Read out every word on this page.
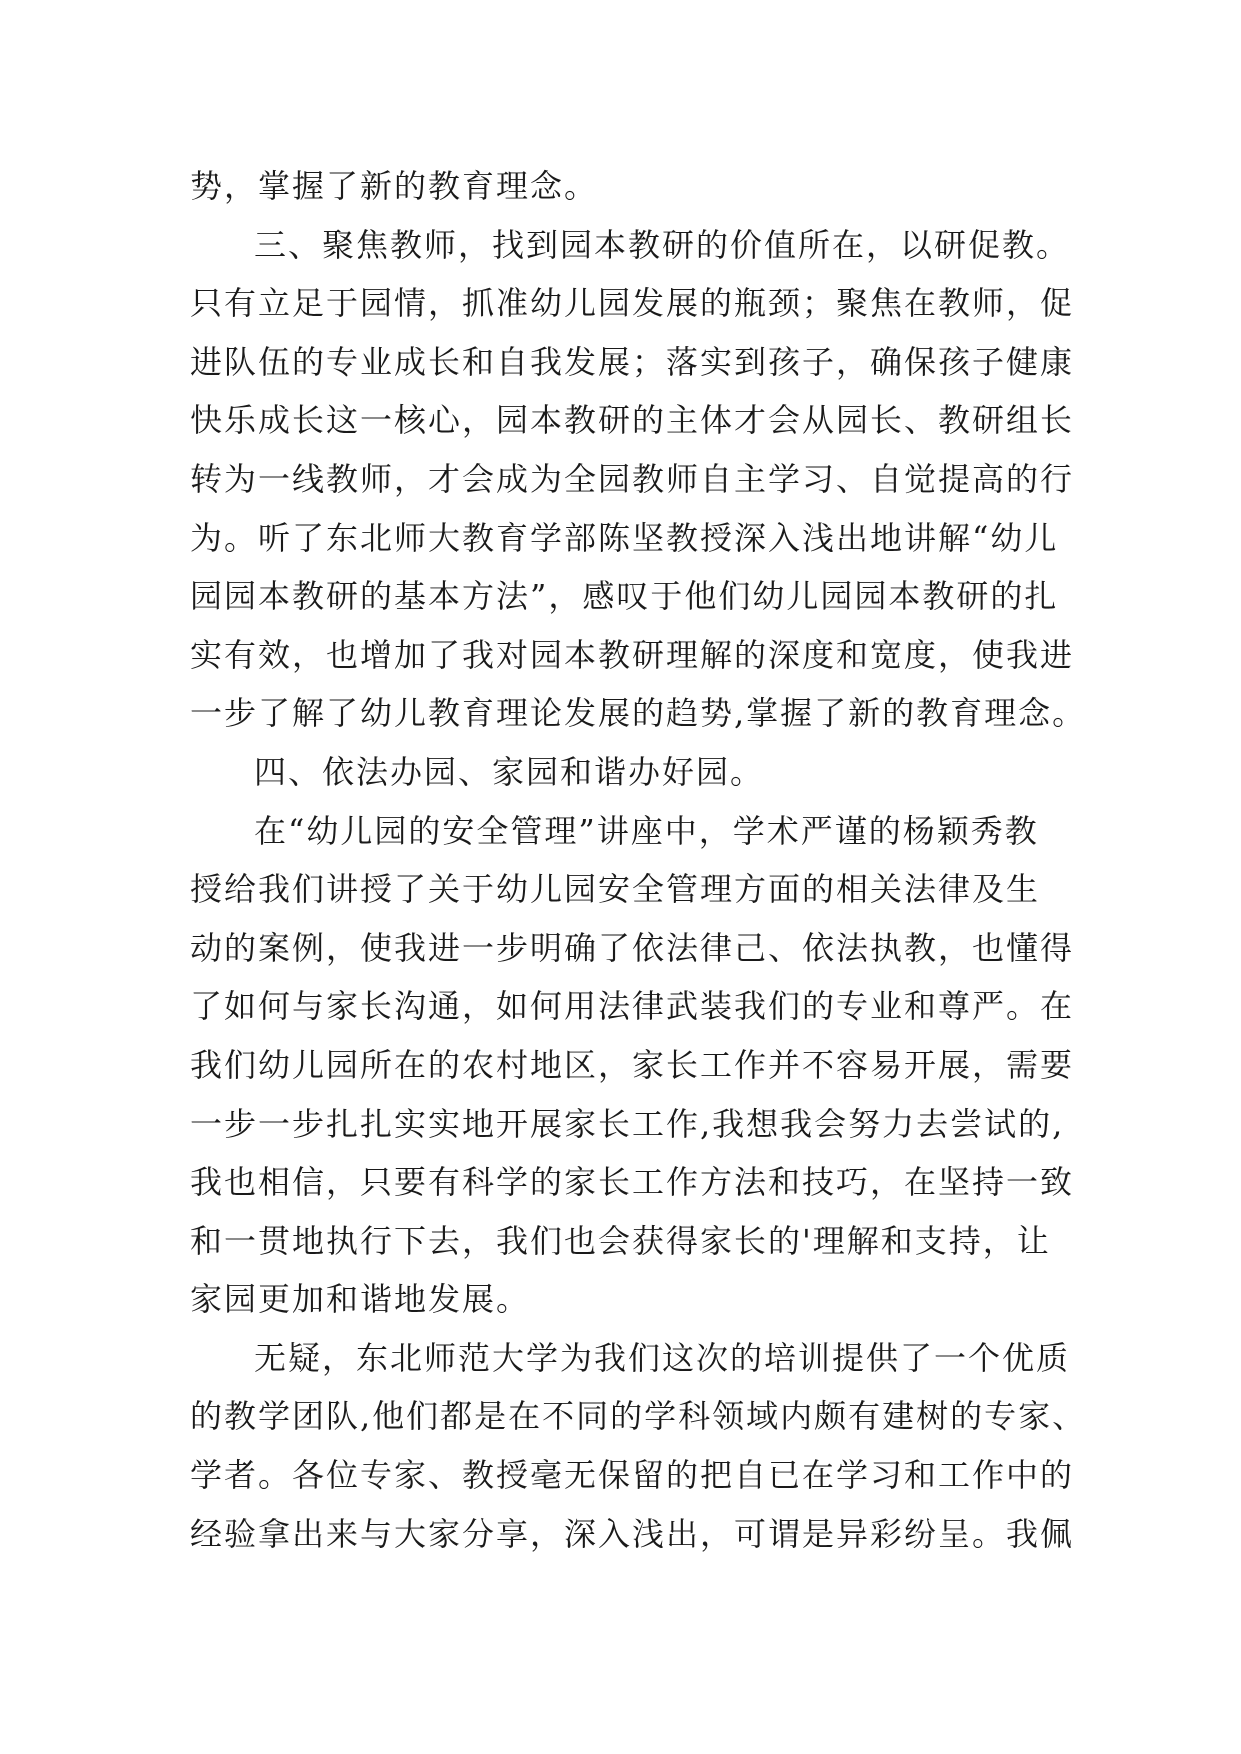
势，掌握了新的教育理念。
三、聚焦教师，找到园本教研的价值所在，以研促教。
只有立足于园情，抓准幼儿园发展的瓶颈；聚焦在教师，促
进队伍的专业成长和自我发展；落实到孩子，确保孩子健康
快乐成长这一核心，园本教研的主体才会从园长、教研组长
转为一线教师，才会成为全园教师自主学习、自觉提高的行
为。听了东北师大教育学部陈坚教授深入浅出地讲解“幼儿
园园本教研的基本方法”，感叹于他们幼儿园园本教研的扎
实有效，也增加了我对园本教研理解的深度和宽度，使我进
一步了解了幼儿教育理论发展的趋势,掌握了新的教育理念。
四、依法办园、家园和谐办好园。
在“幼儿园的安全管理”讲座中，学术严谨的杨颖秀教
授给我们讲授了关于幼儿园安全管理方面的相关法律及生
动的案例，使我进一步明确了依法律己、依法执教，也懂得
了如何与家长沟通，如何用法律武装我们的专业和尊严。在
我们幼儿园所在的农村地区，家长工作并不容易开展，需要
一步一步扎扎实实地开展家长工作,我想我会努力去尝试的,
我也相信，只要有科学的家长工作方法和技巧，在坚持一致
和一贯地执行下去，我们也会获得家长的'理解和支持，让
家园更加和谐地发展。
无疑，东北师范大学为我们这次的培训提供了一个优质
的教学团队,他们都是在不同的学科领域内颇有建树的专家、
学者。各位专家、教授毫无保留的把自已在学习和工作中的
经验拿出来与大家分享，深入浅出，可谓是异彩纷呈。我佩
